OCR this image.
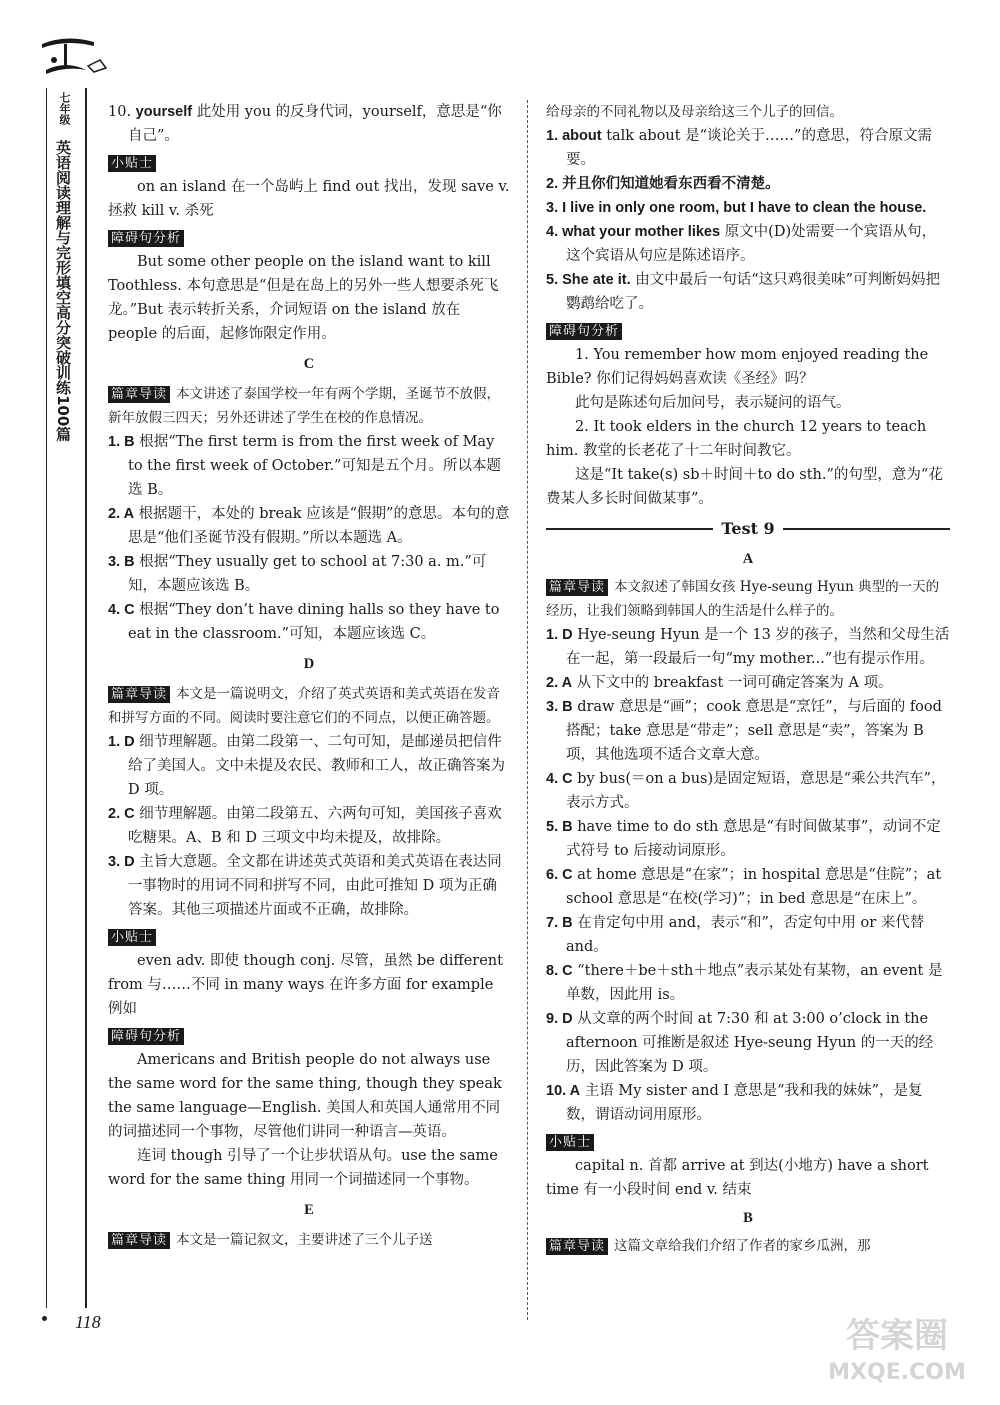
七年级
英语阅读理解与完形填空高分突破训练100篇
118

10. yourself 此处用 you 的反身代词，yourself，意思是“你自己”。

小贴士

on an island 在一个岛屿上 find out 找出，发现 save v. 拯救 kill v. 杀死

障碍句分析

But some other people on the island want to kill Toothless. 本句意思是“但是在岛上的另外一些人想要杀死飞龙。”But 表示转折关系，介词短语 on the island 放在 people 的后面，起修饰限定作用。

C

篇章导读 本文讲述了泰国学校一年有两个学期，圣诞节不放假，新年放假三四天；另外还讲述了学生在校的作息情况。

1. B 根据“The first term is from the first week of May to the first week of October.”可知是五个月。所以本题选 B。

2. A 根据题干，本处的 break 应该是“假期”的意思。本句的意思是“他们圣诞节没有假期。”所以本题选 A。

3. B 根据“They usually get to school at 7:30 a. m.”可知，本题应该选 B。

4. C 根据“They don’t have dining halls so they have to eat in the classroom.”可知，本题应该选 C。

D

篇章导读 本文是一篇说明文，介绍了英式英语和美式英语在发音和拼写方面的不同。阅读时要注意它们的不同点，以便正确答题。

1. D 细节理解题。由第二段第一、二句可知，是邮递员把信件给了美国人。文中未提及农民、教师和工人，故正确答案为 D 项。

2. C 细节理解题。由第二段第五、六两句可知，美国孩子喜欢吃糖果。A、B 和 D 三项文中均未提及，故排除。

3. D 主旨大意题。全文都在讲述英式英语和美式英语在表达同一事物时的用词不同和拼写不同，由此可推知 D 项为正确答案。其他三项描述片面或不正确，故排除。

小贴士

even adv. 即使 though conj. 尽管，虽然 be different from 与……不同 in many ways 在许多方面 for example 例如

障碍句分析

Americans and British people do not always use the same word for the same thing, though they speak the same language—English. 美国人和英国人通常用不同的词描述同一个事物，尽管他们讲同一种语言—英语。

连词 though 引导了一个让步状语从句。use the same word for the same thing 用同一个词描述同一个事物。

E

篇章导读 本文是一篇记叙文，主要讲述了三个儿子送

给母亲的不同礼物以及母亲给这三个儿子的回信。

1. about talk about 是“谈论关于……”的意思，符合原文需要。

2. 并且你们知道她看东西看不清楚。

3. I live in only one room, but I have to clean the house.

4. what your mother likes 原文中(D)处需要一个宾语从句，这个宾语从句应是陈述语序。

5. She ate it. 由文中最后一句话“这只鸡很美味”可判断妈妈把鹦鹉给吃了。

障碍句分析

1. You remember how mom enjoyed reading the Bible? 你们记得妈妈喜欢读《圣经》吗？

此句是陈述句后加问号，表示疑问的语气。

2. It took elders in the church 12 years to teach him. 教堂的长老花了十二年时间教它。

这是“It take(s) sb＋时间＋to do sth.”的句型，意为“花费某人多长时间做某事”。

Test 9

A

篇章导读 本文叙述了韩国女孩 Hye-seung Hyun 典型的一天的经历，让我们领略到韩国人的生活是什么样子的。

1. D Hye-seung Hyun 是一个 13 岁的孩子，当然和父母生活在一起，第一段最后一句“my mother...”也有提示作用。

2. A 从下文中的 breakfast 一词可确定答案为 A 项。

3. B draw 意思是“画”；cook 意思是“烹饪”，与后面的 food 搭配；take 意思是“带走”；sell 意思是“卖”，答案为 B 项，其他选项不适合文章大意。

4. C by bus(＝on a bus)是固定短语，意思是“乘公共汽车”，表示方式。

5. B have time to do sth 意思是“有时间做某事”，动词不定式符号 to 后接动词原形。

6. C at home 意思是“在家”；in hospital 意思是“住院”；at school 意思是“在校(学习)”；in bed 意思是“在床上”。

7. B 在肯定句中用 and，表示“和”，否定句中用 or 来代替 and。

8. C “there＋be＋sth＋地点”表示某处有某物，an event 是单数，因此用 is。

9. D 从文章的两个时间 at 7:30 和 at 3:00 o’clock in the afternoon 可推断是叙述 Hye-seung Hyun 的一天的经历，因此答案为 D 项。

10. A 主语 My sister and I 意思是“我和我的妹妹”，是复数，谓语动词用原形。

小贴士

capital n. 首都 arrive at 到达(小地方) have a short time 有一小段时间 end v. 结束

B

篇章导读 这篇文章给我们介绍了作者的家乡瓜洲，那

答案圈
MXQE.COM
